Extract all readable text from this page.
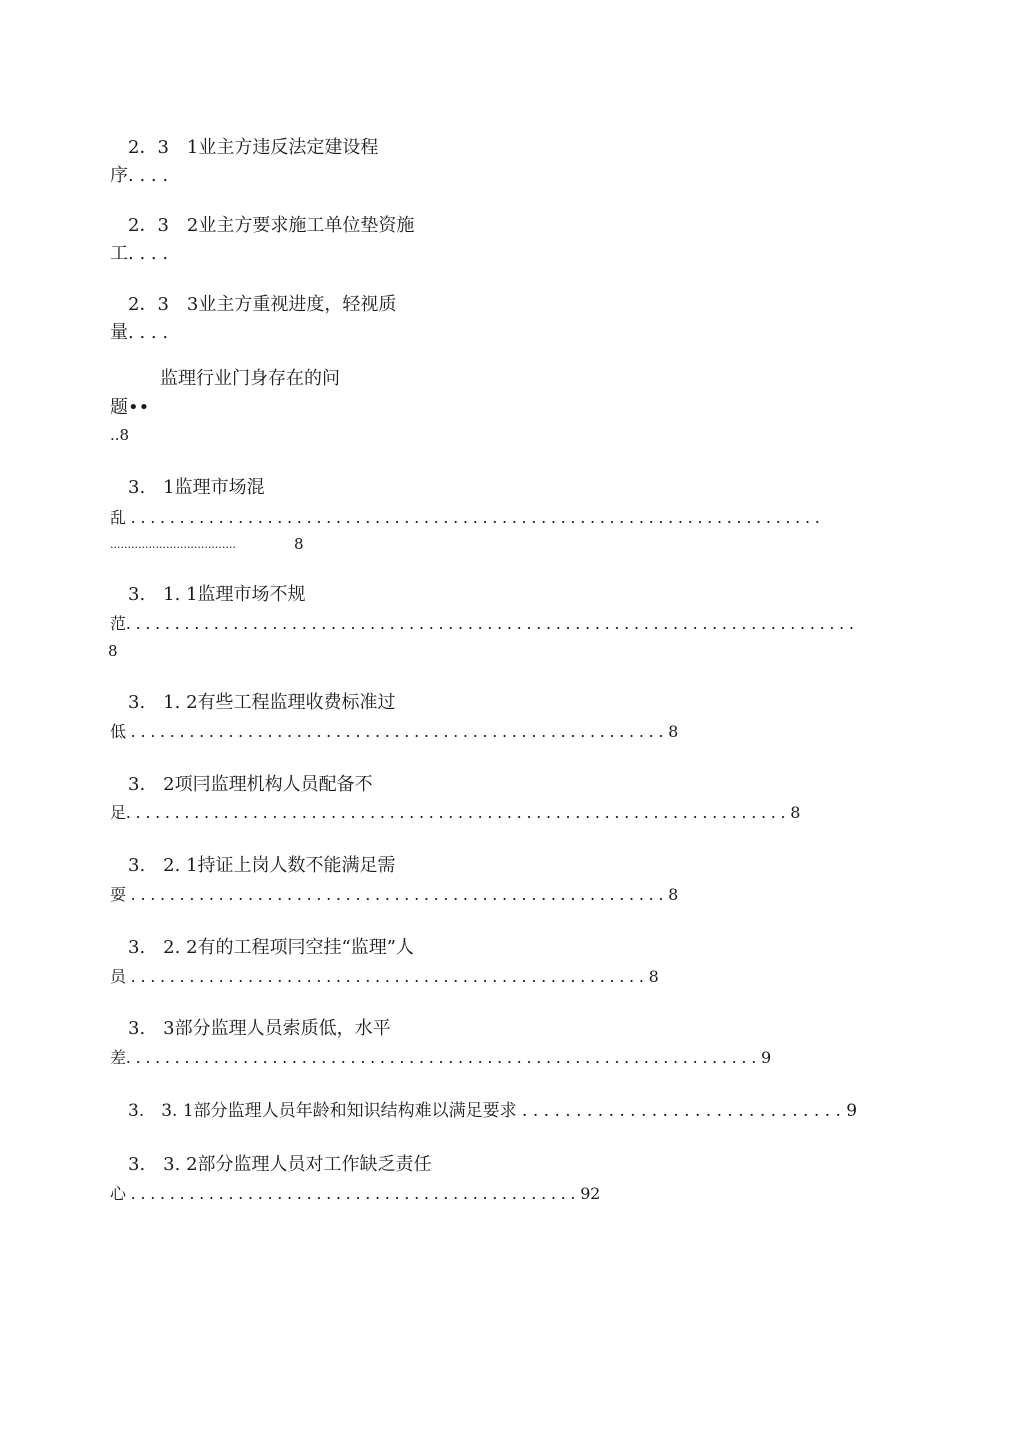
2．3　1业主方违反法定建设程
序. . . .
2．3　2业主方要求施工单位垫资施
工. . . .
2．3　3业主方重视进度，轻视质
量. . . .
监理行业门身存在的问
题••
..8
3.　1监理市场混
乱 . . . . . . . . . . . . . . . . . . . . . . . . . . . . . . . . . . . . . . . . . . . . . . . . . . . . . . . . . . . . . . . . . . . . . . .
....................................	8
3.　1. 1监理市场不规
范. . . . . . . . . . . . . . . . . . . . . . . . . . . . . . . . . . . . . . . . . . . . . . . . . . . . . . . . . . . . . . . . . . . . . . . . . . .
8
3.　1. 2有些工程监理收费标准过
低 . . . . . . . . . . . . . . . . . . . . . . . . . . . . . . . . . . . . . . . . . . . . . . . . . . . . . . . 8
3.　2项冃监理机构人员配备不
足. . . . . . . . . . . . . . . . . . . . . . . . . . . . . . . . . . . . . . . . . . . . . . . . . . . . . . . . . . . . . . . . . . . . 8
3.　2. 1持证上岗人数不能满足需
耍 . . . . . . . . . . . . . . . . . . . . . . . . . . . . . . . . . . . . . . . . . . . . . . . . . . . . . . . 8
3.　2. 2有的工程项冃空挂“监理”人
员 . . . . . . . . . . . . . . . . . . . . . . . . . . . . . . . . . . . . . . . . . . . . . . . . . . . . . 8
3.　3部分监理人员索质低，水平
差. . . . . . . . . . . . . . . . . . . . . . . . . . . . . . . . . . . . . . . . . . . . . . . . . . . . . . . . . . . . . . . . . 9
3.　3. 1部分监理人员年龄和知识结构难以满足要求 . . . . . . . . . . . . . . . . . . . . . . . . . . . . . . 9
3.　3. 2部分监理人员对工作缺乏责任
心 . . . . . . . . . . . . . . . . . . . . . . . . . . . . . . . . . . . . . . . . . . . . . . 92
